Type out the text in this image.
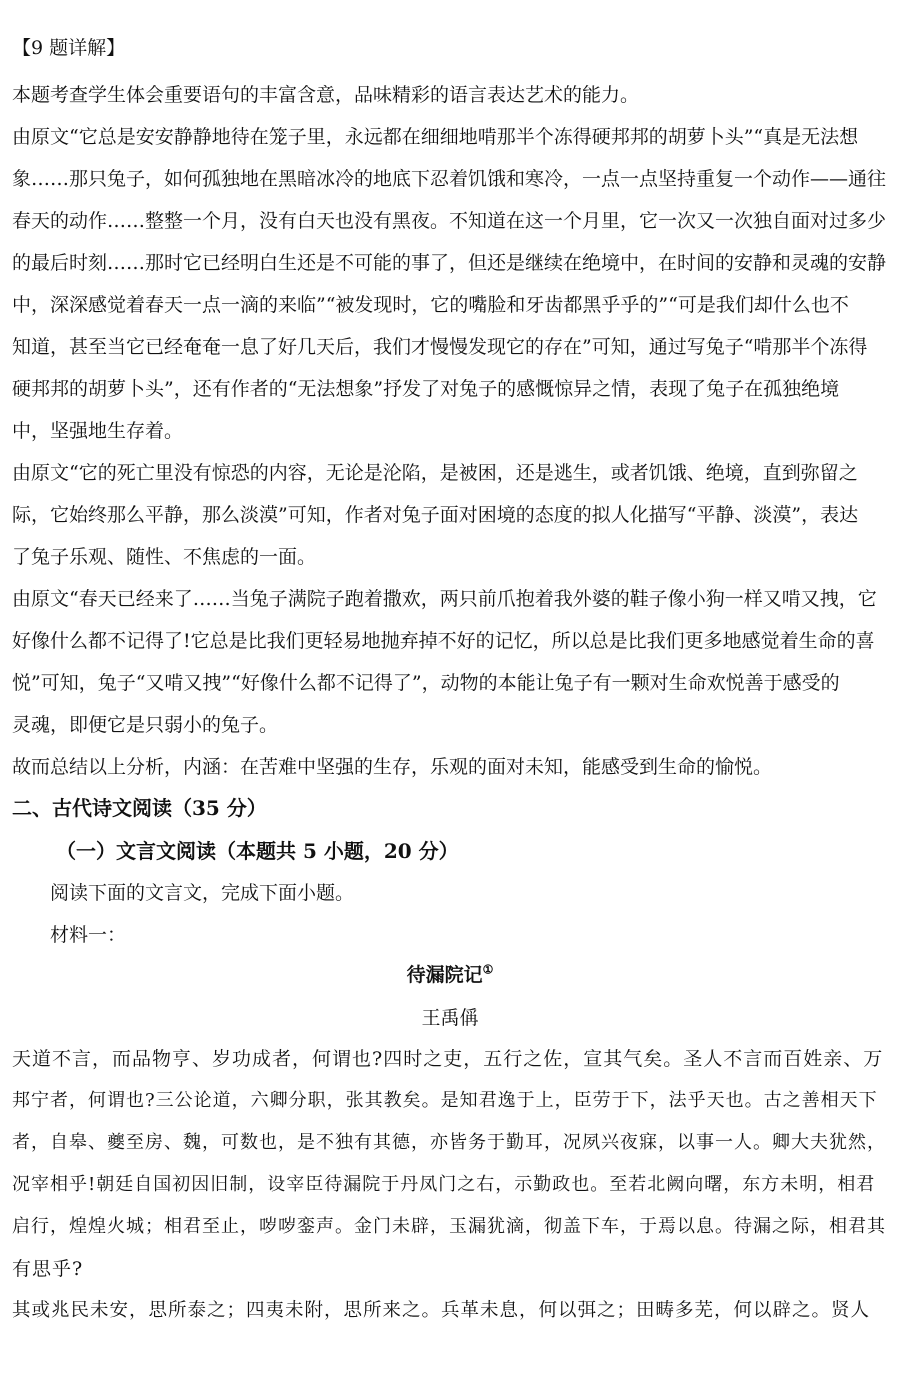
【9 题详解】
本题考查学生体会重要语句的丰富含意，品味精彩的语言表达艺术的能力。
由原文“它总是安安静静地待在笼子里，永远都在细细地啃那半个冻得硬邦邦的胡萝卜头”“真是无法想
象……那只兔子，如何孤独地在黑暗冰冷的地底下忍着饥饿和寒冷，一点一点坚持重复一个动作——通往
春天的动作……整整一个月，没有白天也没有黑夜。不知道在这一个月里，它一次又一次独自面对过多少
的最后时刻……那时它已经明白生还是不可能的事了，但还是继续在绝境中，在时间的安静和灵魂的安静
中，深深感觉着春天一点一滴的来临”“被发现时，它的嘴脸和牙齿都黑乎乎的”“可是我们却什么也不
知道，甚至当它已经奄奄一息了好几天后，我们才慢慢发现它的存在”可知，通过写兔子“啃那半个冻得
硬邦邦的胡萝卜头”，还有作者的“无法想象”抒发了对兔子的感慨惊异之情，表现了兔子在孤独绝境
中，坚强地生存着。
由原文“它的死亡里没有惊恐的内容，无论是沦陷，是被困，还是逃生，或者饥饿、绝境，直到弥留之
际，它始终那么平静，那么淡漠”可知，作者对兔子面对困境的态度的拟人化描写“平静、淡漠”，表达
了兔子乐观、随性、不焦虑的一面。
由原文“春天已经来了……当兔子满院子跑着撒欢，两只前爪抱着我外婆的鞋子像小狗一样又啃又拽，它
好像什么都不记得了!它总是比我们更轻易地抛弃掉不好的记忆，所以总是比我们更多地感觉着生命的喜
悦”可知，兔子“又啃又拽”“好像什么都不记得了”，动物的本能让兔子有一颗对生命欢悦善于感受的
灵魂，即便它是只弱小的兔子。
故而总结以上分析，内涵：在苦难中坚强的生存，乐观的面对未知，能感受到生命的愉悦。
二、古代诗文阅读（35 分）
（一）文言文阅读（本题共 5 小题，20 分）
阅读下面的文言文，完成下面小题。
材料一：
待漏院记①
王禹偁
天道不言，而品物亨、岁功成者，何谓也?四时之吏，五行之佐，宣其气矣。圣人不言而百姓亲、万
邦宁者，何谓也?三公论道，六卿分职，张其教矣。是知君逸于上，臣劳于下，法乎天也。古之善相天下
者，自皋、夔至房、魏，可数也，是不独有其德，亦皆务于勤耳，况夙兴夜寐，以事一人。卿大夫犹然，
况宰相乎!朝廷自国初因旧制，设宰臣待漏院于丹凤门之右，示勤政也。至若北阙向曙，东方未明，相君
启行，煌煌火城；相君至止，哕哕銮声。金门未辟，玉漏犹滴，彻盖下车，于焉以息。待漏之际，相君其
有思乎?
其或兆民未安，思所泰之；四夷未附，思所来之。兵革未息，何以弭之；田畴多芜，何以辟之。贤人
